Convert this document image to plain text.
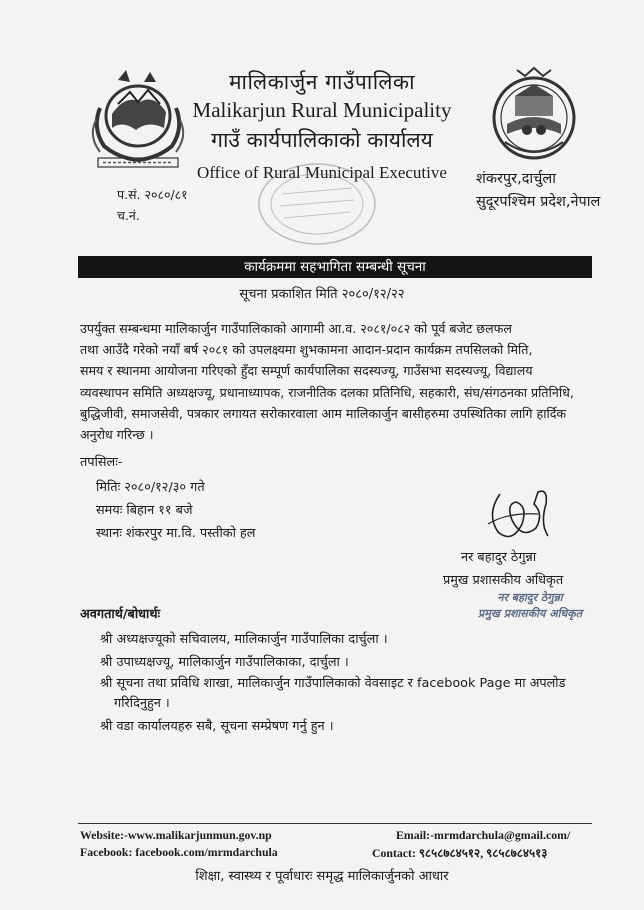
मालिकार्जुन गाउँपालिका
Malikarjun Rural Municipality
गाउँ कार्यपालिकाको कार्यालय
Office of Rural Municipal Executive
प.सं. २०८०/८१
च.नं.
शंकरपुर,दार्चुला
सुदूरपश्चिम प्रदेश,नेपाल
कार्यक्रममा सहभागिता सम्बन्धी सूचना
सूचना प्रकाशित मिति २०८०/१२/२२
उपर्युक्त सम्बन्धमा मालिकार्जुन गाउँपालिकाको आगामी आ.व. २०८१/०८२ को पूर्व बजेट छलफल
तथा आउँदै गरेको नयाँ बर्ष २०८१ को उपलक्ष्यमा शुभकामना आदान-प्रदान कार्यक्रम तपसिलको मिति,
समय र स्थानमा आयोजना गरिएको हुँदा सम्पूर्ण कार्यपालिका सदस्यज्यू, गाउँसभा सदस्यज्यू, विद्यालय
व्यवस्थापन समिति अध्यक्षज्यू, प्रधानाध्यापक, राजनीतिक दलका प्रतिनिधि, सहकारी, संघ/संगठनका प्रतिनिधि,
बुद्धिजीवी, समाजसेवी, पत्रकार लगायत सरोकारवाला आम मालिकार्जुन बासीहरुमा उपस्थितिका लागि हार्दिक
अनुरोध गरिन्छ ।
तपसिलः-
मितिः २०८०/१२/३० गते
समयः बिहान ११ बजे
स्थानः शंकरपुर मा.वि. पस्तीको हल
नर बहादुर ठेगुन्ना
प्रमुख प्रशासकीय अधिकृत
नर बहादुर ठेगुन्ना
प्रमुख प्रशासकीय अधिकृत
अवगतार्थ/बोधार्थः
श्री अध्यक्षज्यूको सचिवालय, मालिकार्जुन गाउँपालिका दार्चुला ।
श्री उपाध्यक्षज्यू, मालिकार्जुन गाउँपालिकाका, दार्चुला ।
श्री सूचना तथा प्रविधि शाखा, मालिकार्जुन गाउँपालिकाको वेवसाइट र facebook Page मा अपलोड
गरिदिनुहुन ।
श्री वडा कार्यालयहरु सबै, सूचना सम्प्रेषण गर्नु हुन ।
Website:-www.malikarjunmun.gov.np
Facebook: facebook.com/mrmdarchula
Email:-mrmdarchula@gmail.com/
Contact: ९८५८७८४५१२, ९८५८७८४५१३
शिक्षा, स्वास्थ्य र पूर्वाधारः समृद्ध मालिकार्जुनको आधार
